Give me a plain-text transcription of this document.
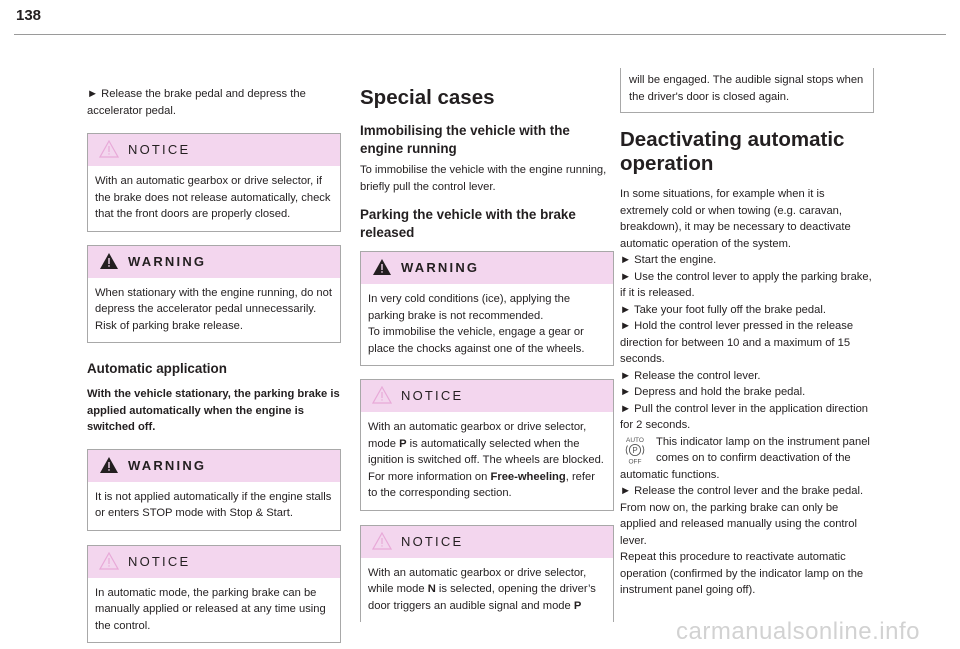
138

► Release the brake pedal and depress the accelerator pedal.

NOTICE
With an automatic gearbox or drive selector, if the brake does not release automatically, check that the front doors are properly closed.
WARNING
When stationary with the engine running, do not depress the accelerator pedal unnecessarily. Risk of parking brake release.
Automatic application

With the vehicle stationary, the parking brake is applied automatically when the engine is switched off.

WARNING
It is not applied automatically if the engine stalls or enters STOP mode with Stop & Start.
NOTICE
In automatic mode, the parking brake can be manually applied or released at any time using the control.
Special cases
Immobilising the vehicle with the engine running

To immobilise the vehicle with the engine running, briefly pull the control lever.

Parking the vehicle with the brake released
WARNING
In very cold conditions (ice), applying the parking brake is not recommended.
To immobilise the vehicle, engage a gear or place the chocks against one of the wheels.
NOTICE
With an automatic gearbox or drive selector, mode P is automatically selected when the ignition is switched off. The wheels are blocked.
For more information on Free-wheeling, refer to the corresponding section.
NOTICE
With an automatic gearbox or drive selector, while mode N is selected, opening the driver’s door triggers an audible signal and mode P
will be engaged. The audible signal stops when the driver's door is closed again.
Deactivating automatic operation

In some situations, for example when it is extremely cold or when towing (e.g. caravan, breakdown), it may be necessary to deactivate automatic operation of the system.

► Start the engine.

► Use the control lever to apply the parking brake, if it is released.

► Take your foot fully off the brake pedal.

► Hold the control lever pressed in the release direction for between 10 and a maximum of 15 seconds.

► Release the control lever.

► Depress and hold the brake pedal.

► Pull the control lever in the application direction for 2 seconds.

AUTO
P
OFF
This indicator lamp on the instrument panel comes on to confirm deactivation of the automatic functions.

► Release the control lever and the brake pedal.

From now on, the parking brake can only be applied and released manually using the control lever.

Repeat this procedure to reactivate automatic operation (confirmed by the indicator lamp on the instrument panel going off).

carmanualsonline.info
